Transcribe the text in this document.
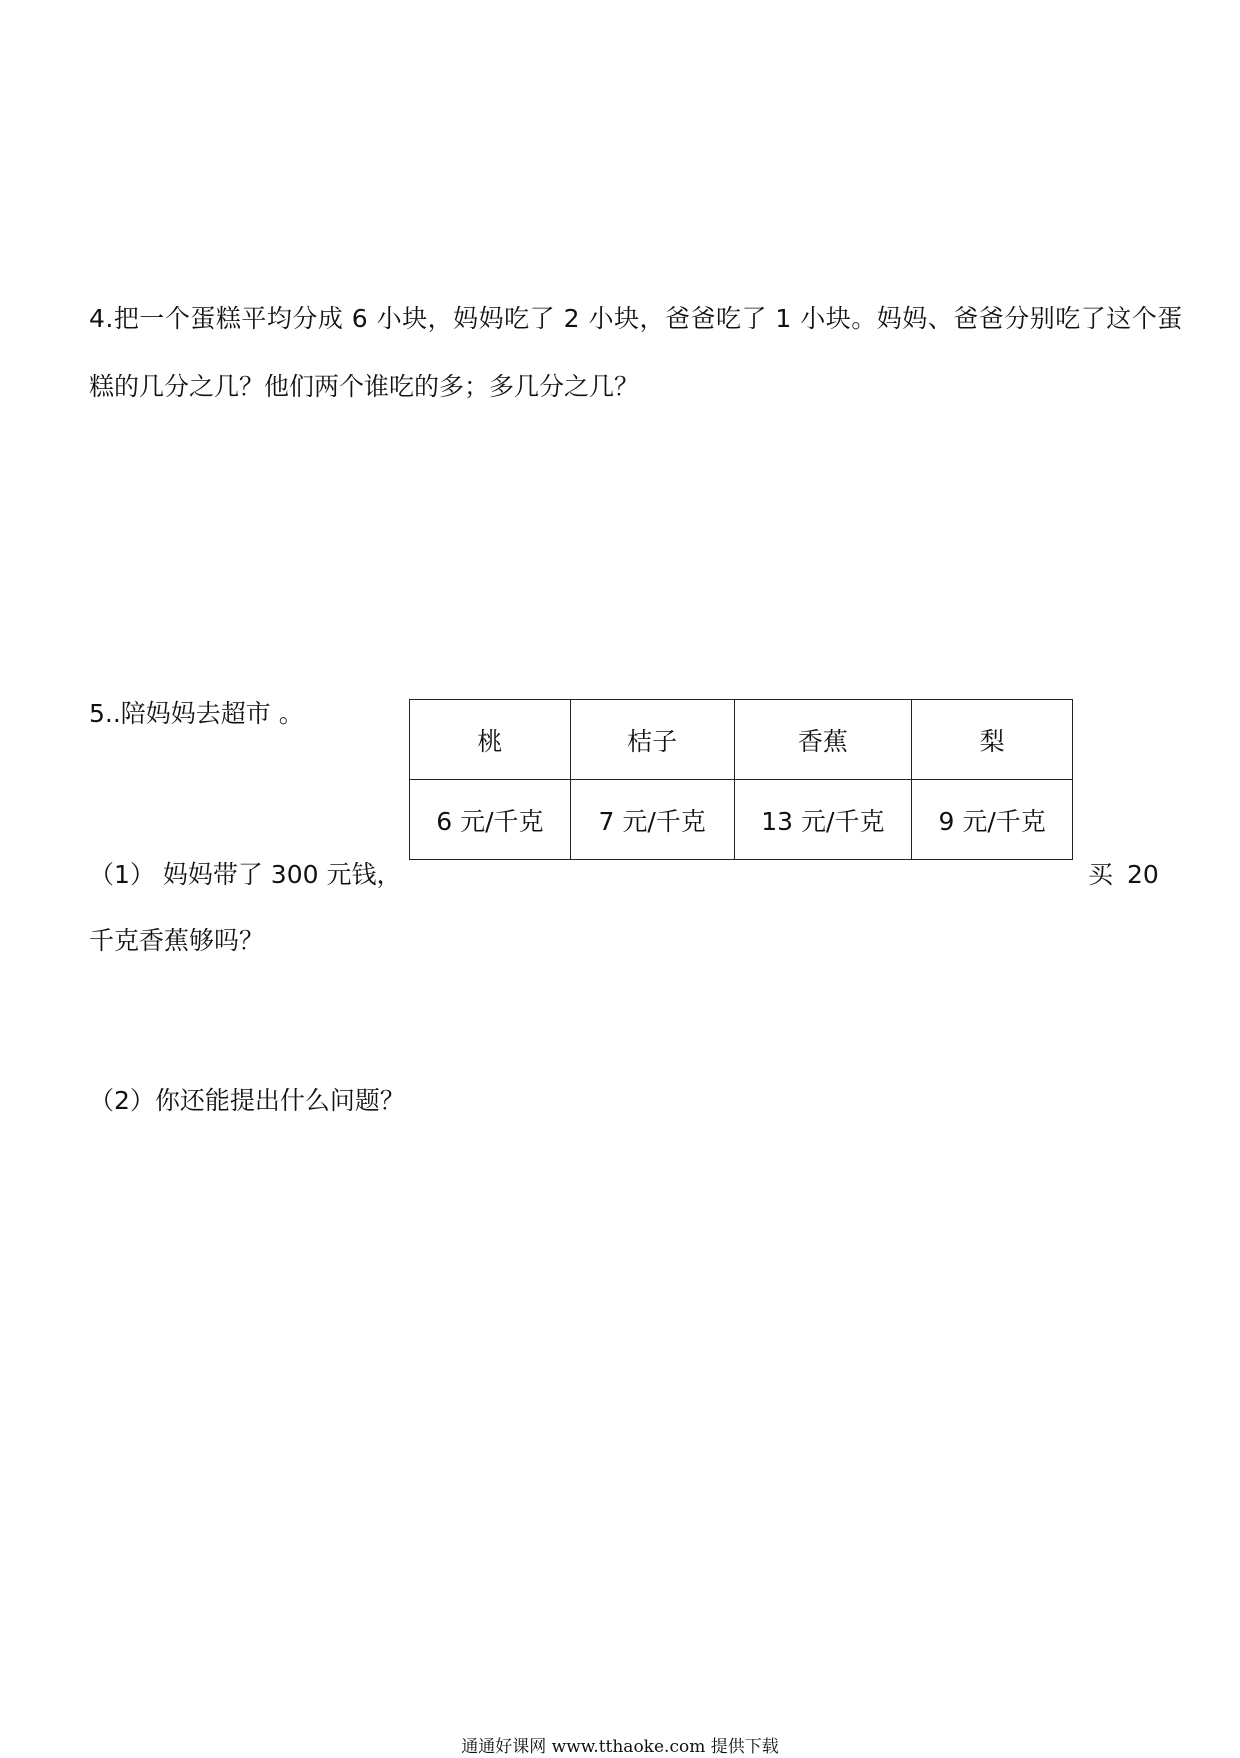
4.把一个蛋糕平均分成 6 小块，妈妈吃了 2 小块，爸爸吃了 1 小块。妈妈、爸爸分别吃了这个蛋
糕的几分之几？他们两个谁吃的多；多几分之几？
5..陪妈妈去超市 。
桃	桔子	香蕉	梨
6 元/千克	7 元/千克	13 元/千克	9 元/千克
（1） 妈妈带了 300 元钱，	买 20
千克香蕉够吗？
（2）你还能提出什么问题？
通通好课网 www.tthaoke.com 提供下载
